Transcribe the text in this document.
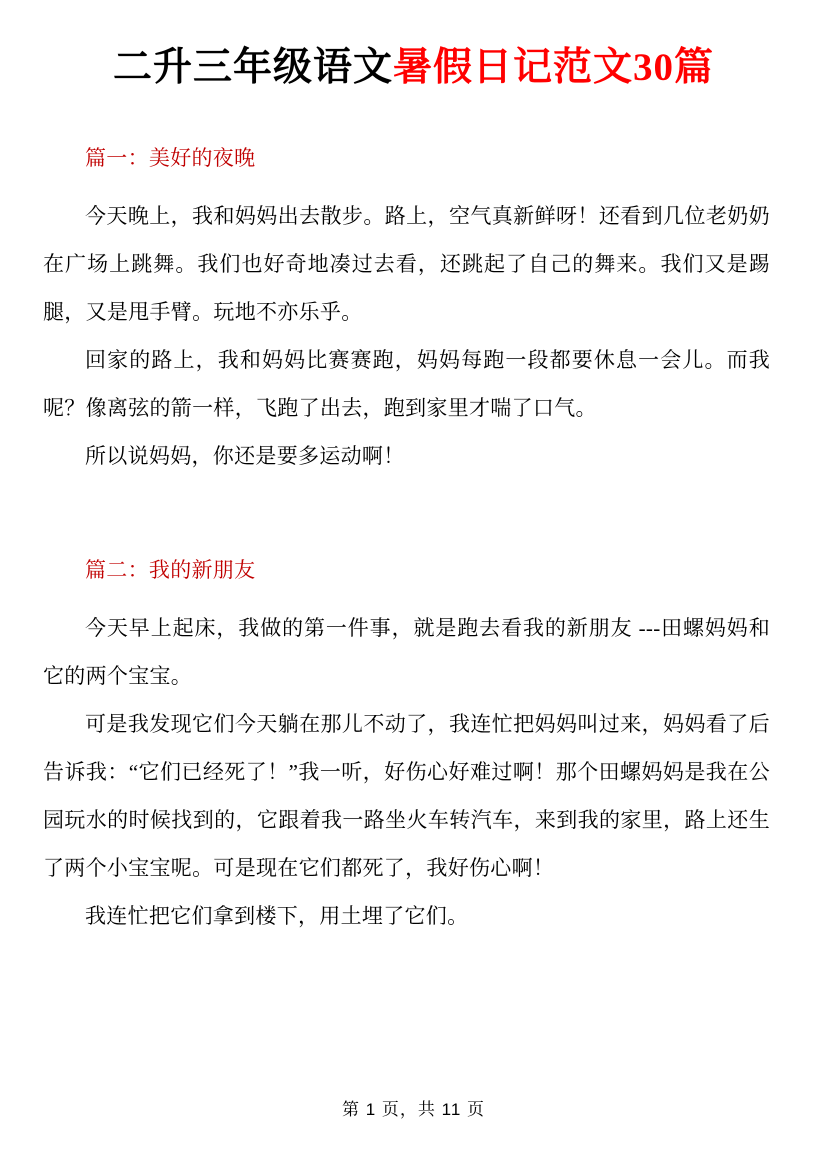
二升三年级语文暑假日记范文30篇
篇一：美好的夜晚

今天晚上，我和妈妈出去散步。路上，空气真新鲜呀！还看到几位老奶奶在广场上跳舞。我们也好奇地凑过去看，还跳起了自己的舞来。我们又是踢腿，又是甩手臂。玩地不亦乐乎。

回家的路上，我和妈妈比赛赛跑，妈妈每跑一段都要休息一会儿。而我呢？像离弦的箭一样，飞跑了出去，跑到家里才喘了口气。

所以说妈妈，你还是要多运动啊！

篇二：我的新朋友

今天早上起床，我做的第一件事，就是跑去看我的新朋友 ---田螺妈妈和它的两个宝宝。

可是我发现它们今天躺在那儿不动了，我连忙把妈妈叫过来，妈妈看了后告诉我：“它们已经死了！”我一听，好伤心好难过啊！那个田螺妈妈是我在公园玩水的时候找到的，它跟着我一路坐火车转汽车，来到我的家里，路上还生了两个小宝宝呢。可是现在它们都死了，我好伤心啊！

我连忙把它们拿到楼下，用土埋了它们。

第 1 页，共 11 页
